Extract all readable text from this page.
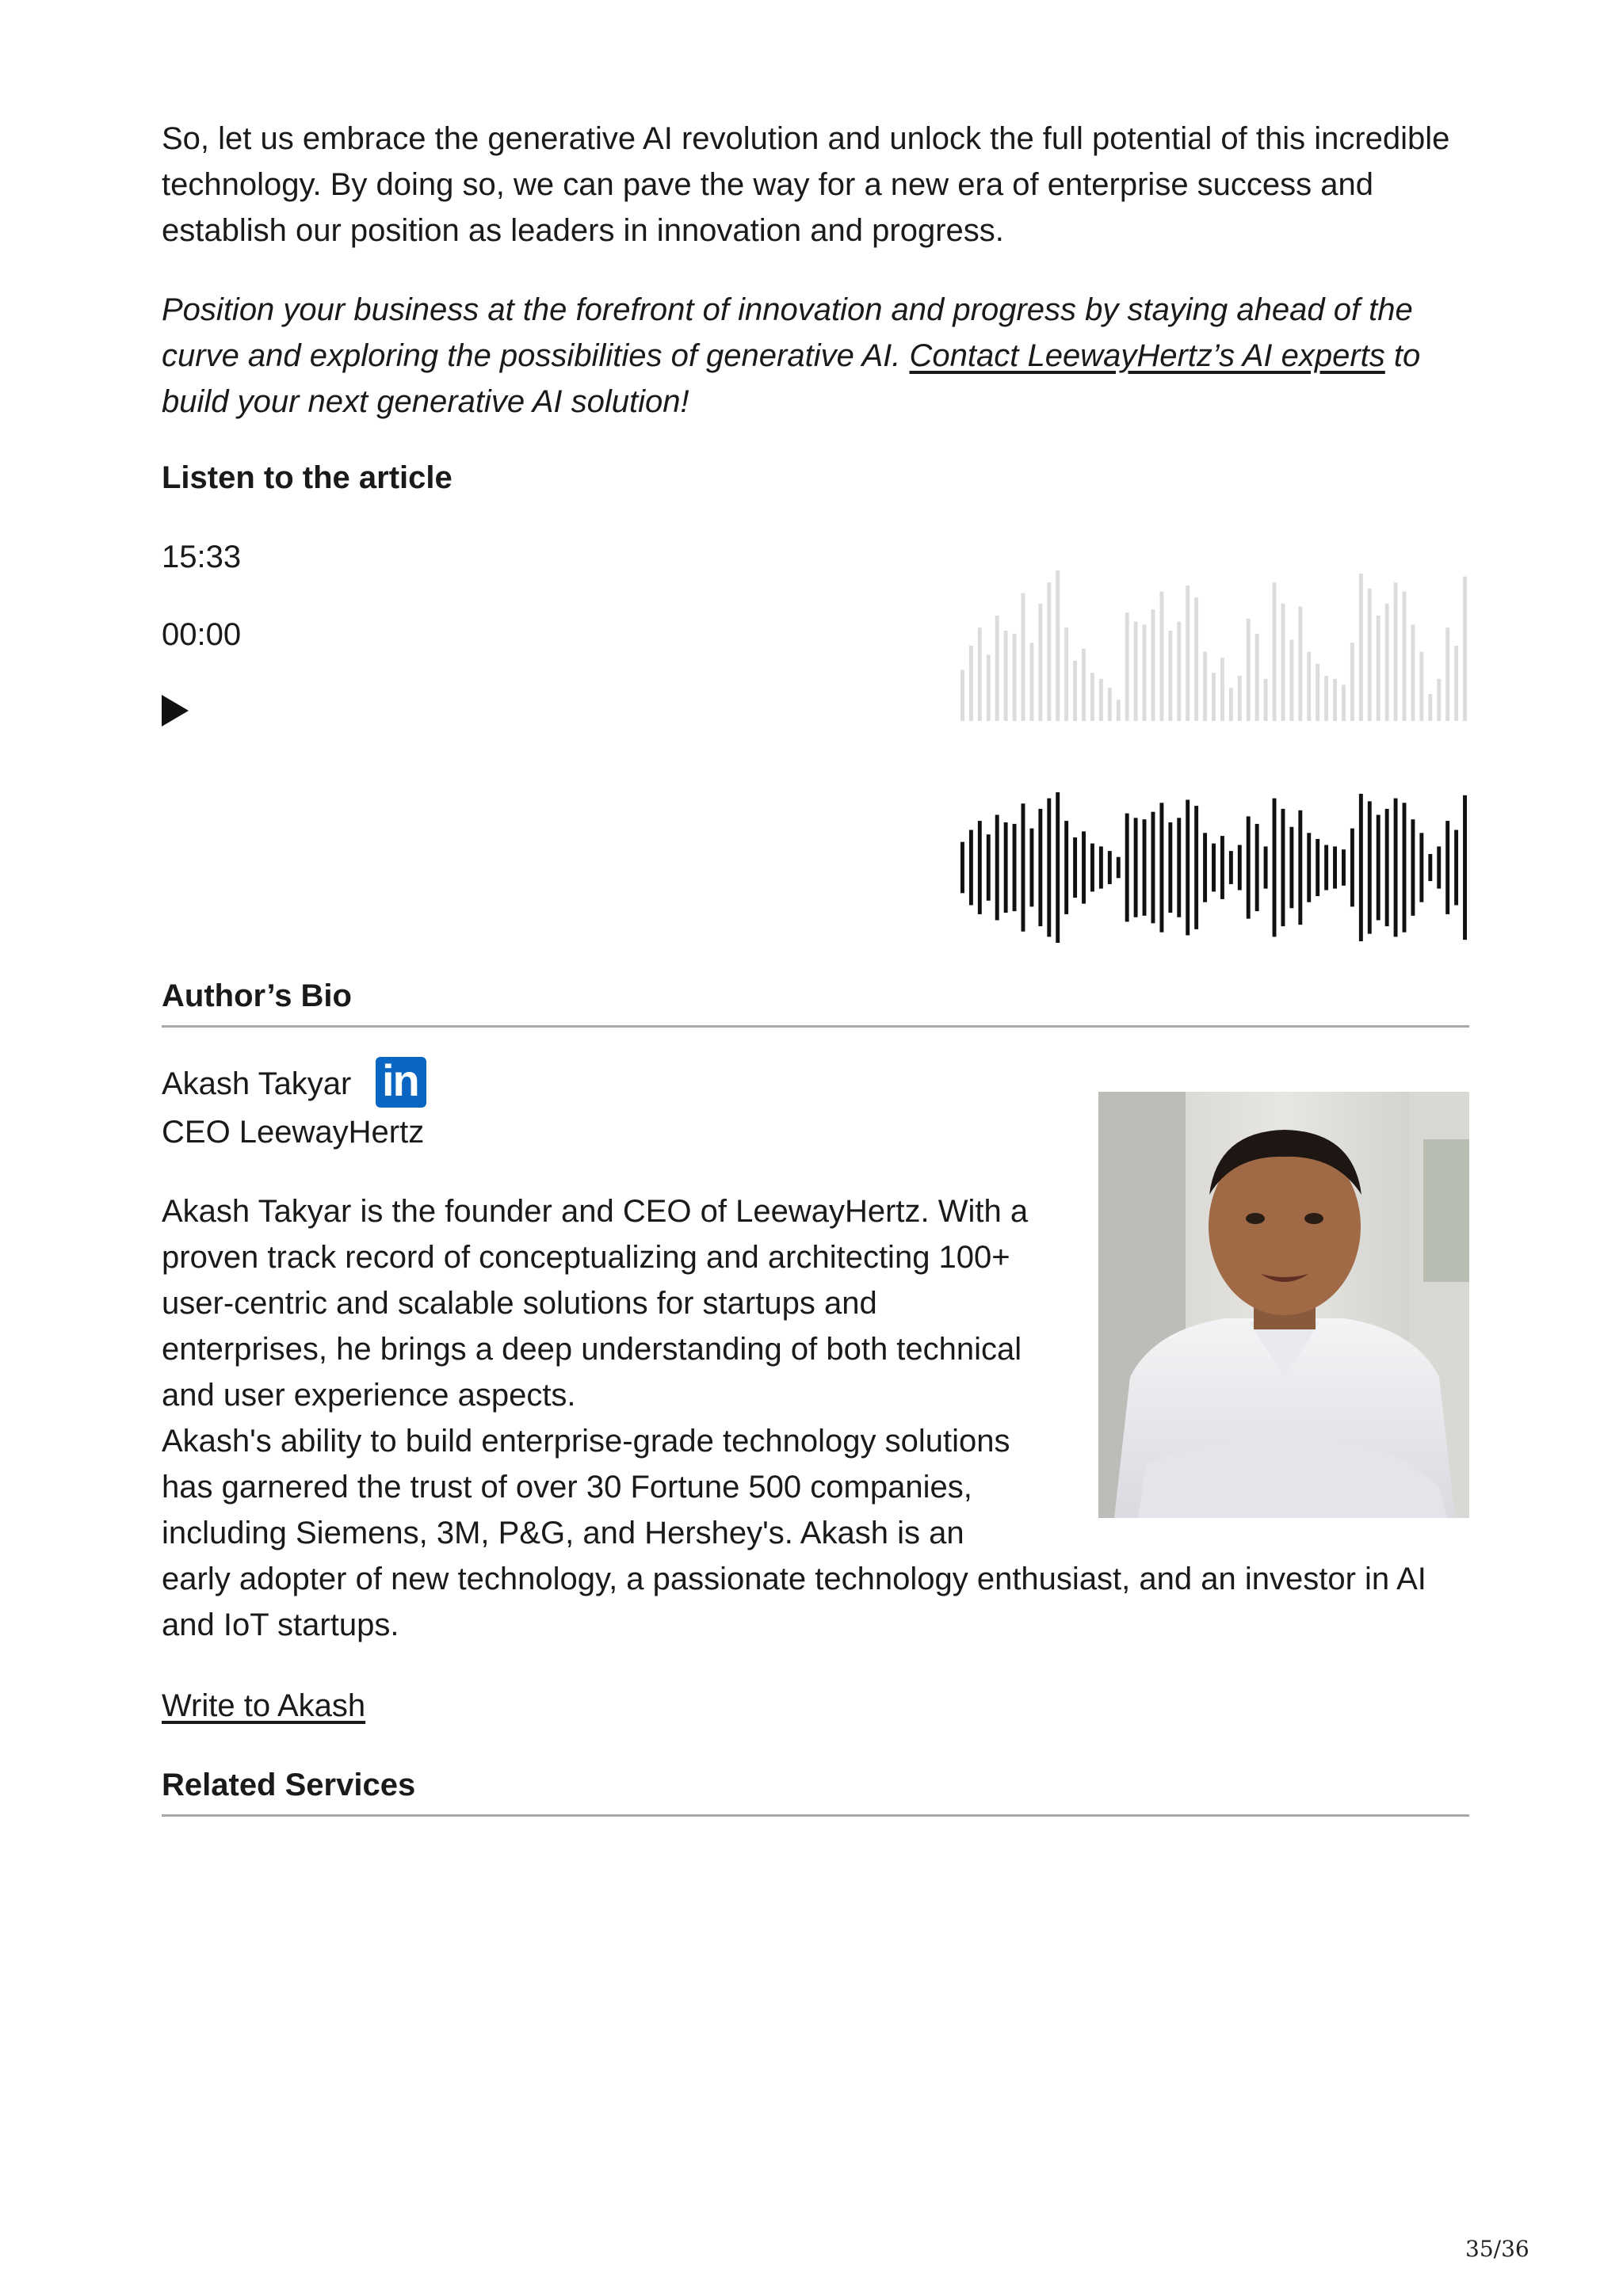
So, let us embrace the generative AI revolution and unlock the full potential of this incredible technology. By doing so, we can pave the way for a new era of enterprise success and establish our position as leaders in innovation and progress.

Position your business at the forefront of innovation and progress by staying ahead of the curve and exploring the possibilities of generative AI. Contact LeewayHertz’s AI experts to build your next generative AI solution!

Listen to the article
15:33
00:00
Author’s Bio
Akash Takyar in
CEO LeewayHertz

Akash Takyar is the founder and CEO of LeewayHertz. With a proven track record of conceptualizing and architecting 100+ user-centric and scalable solutions for startups and enterprises, he brings a deep understanding of both technical and user experience aspects.

Akash's ability to build enterprise-grade technology solutions has garnered the trust of over 30 Fortune 500 companies, including Siemens, 3M, P&G, and Hershey's. Akash is an

early adopter of new technology, a passionate technology enthusiast, and an investor in AI and IoT startups.

Write to Akash
Related Services
35/36
